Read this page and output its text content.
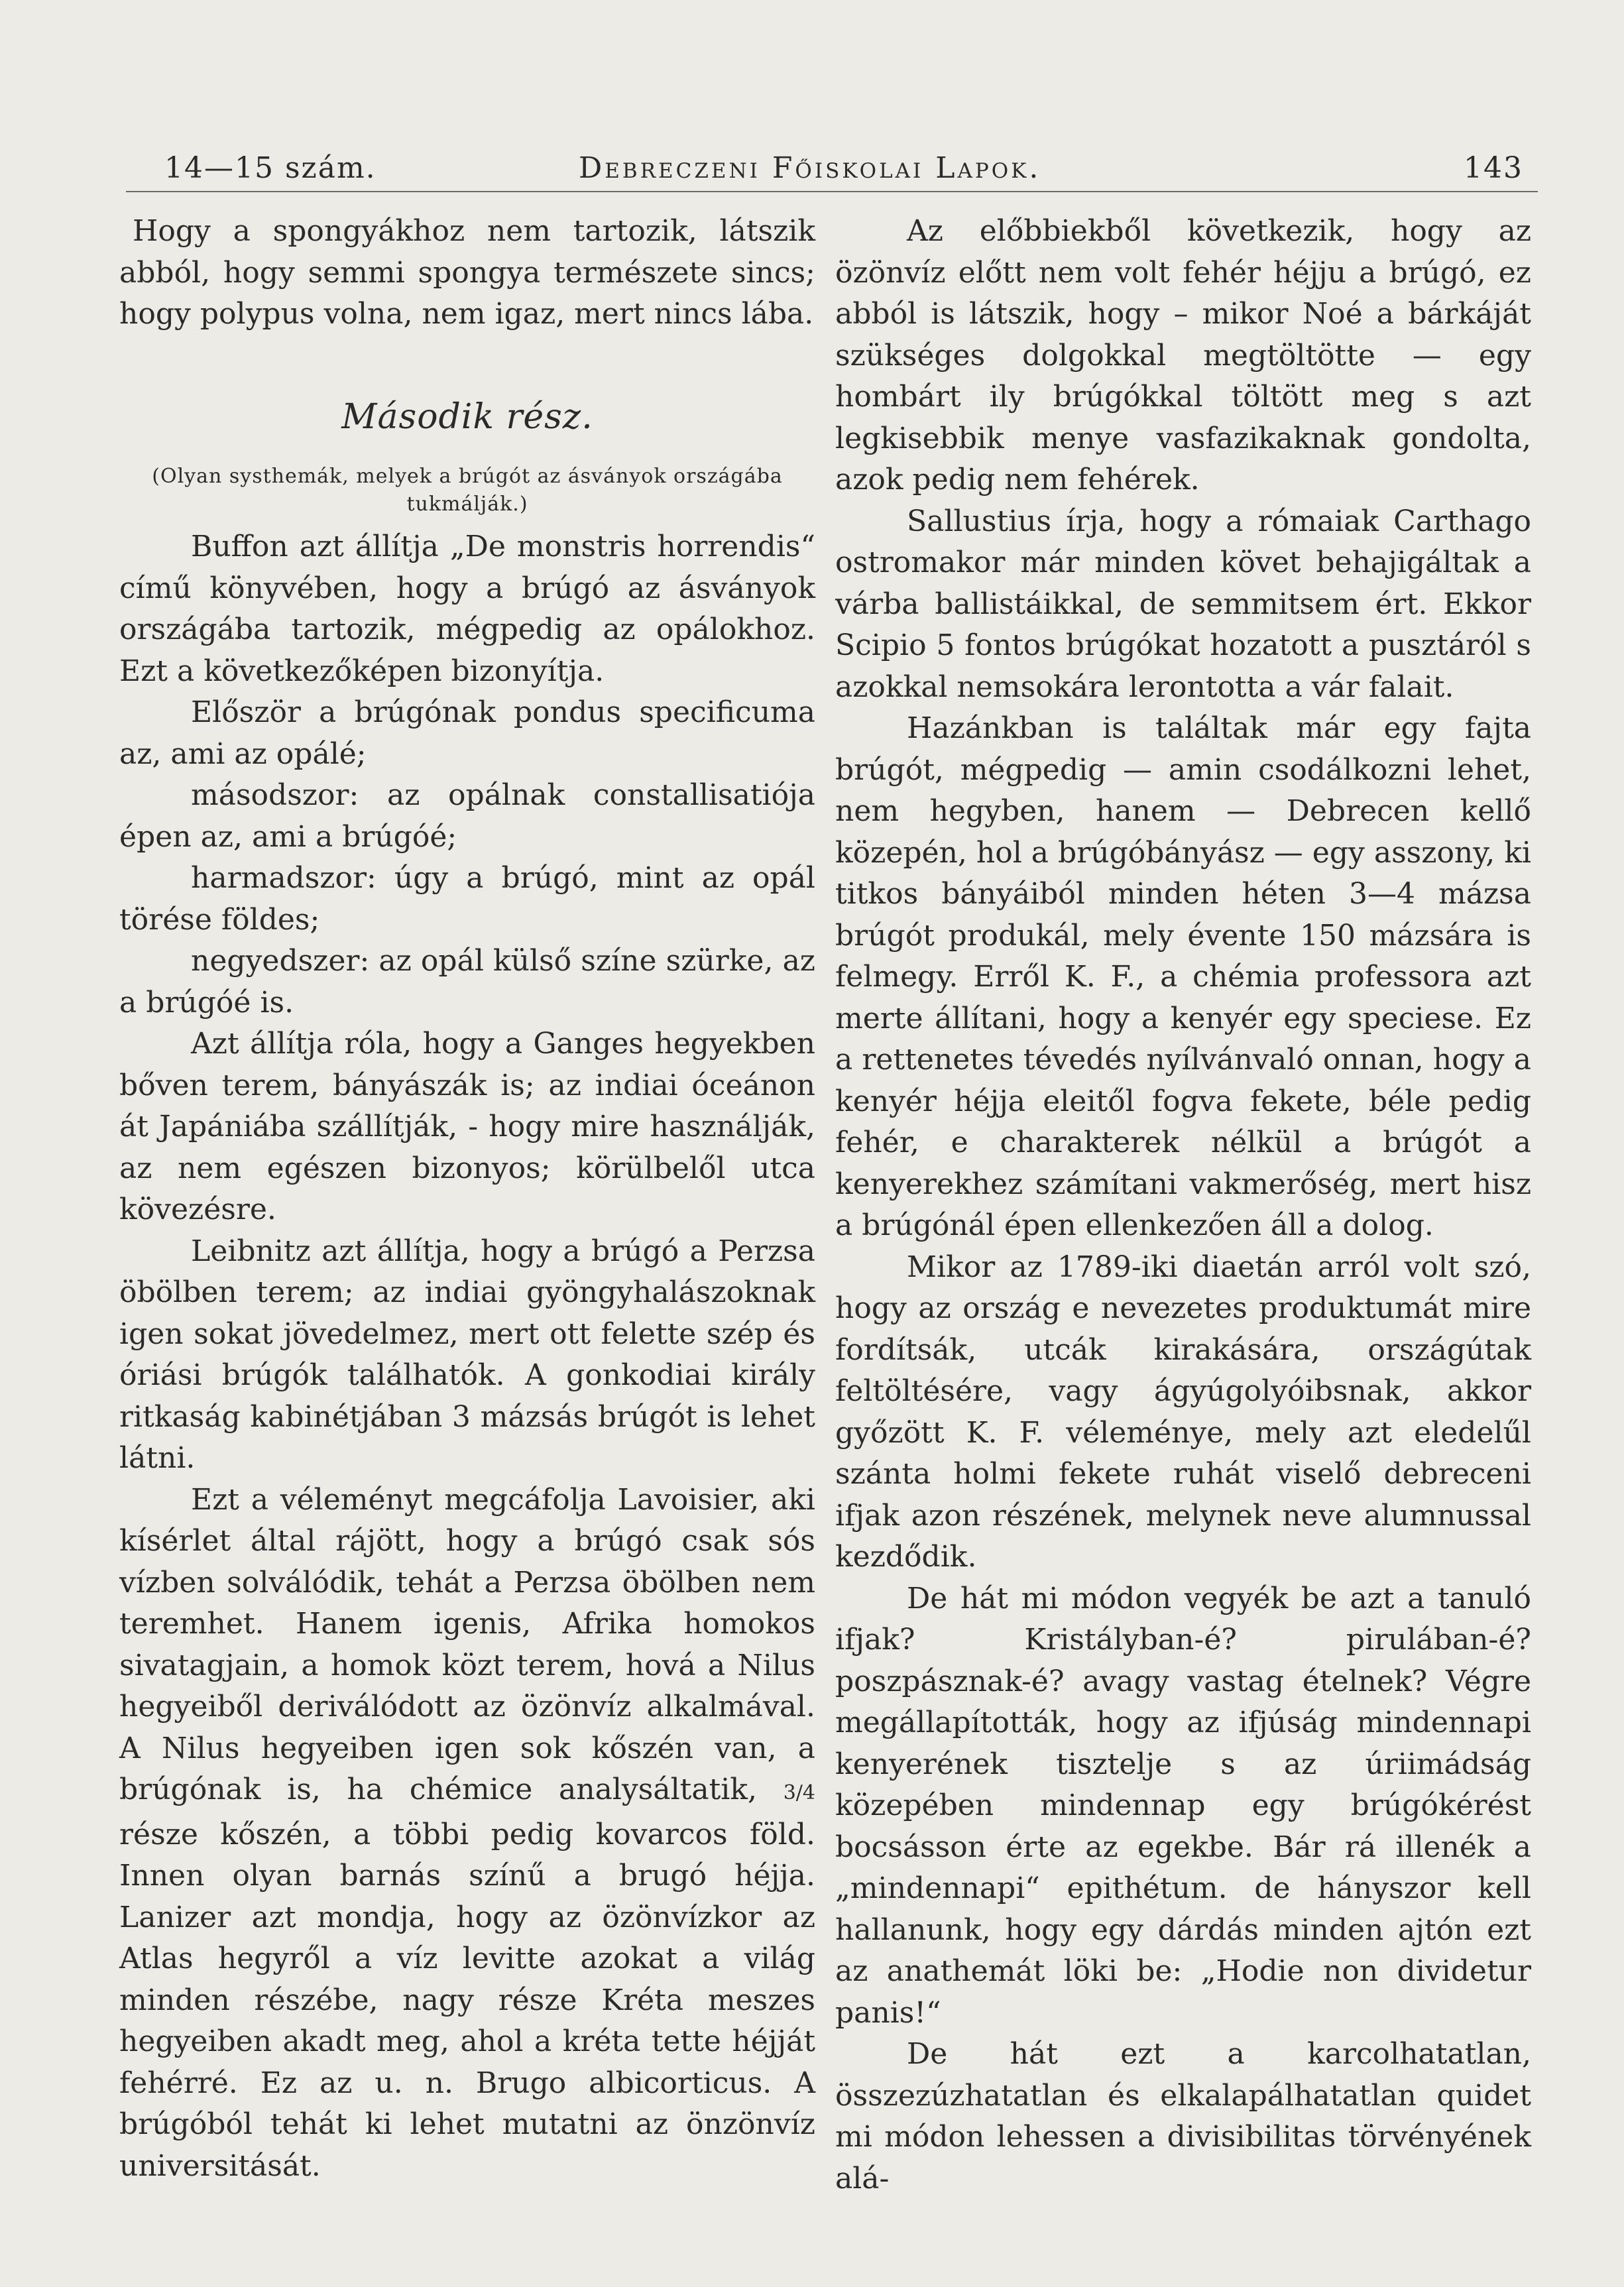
14—15 szám.	Debreczeni Főiskolai Lapok.	143

Hogy a spongyákhoz nem tartozik, látszik abból, hogy semmi spongya természete sincs; hogy polypus volna, nem igaz, mert nincs lába.

Második rész.
(Olyan systhemák, melyek a brúgót az ásványok országába tukmálják.)

Buffon azt állítja „De monstris horrendis“ című könyvében, hogy a brúgó az ásványok országába tartozik, mégpedig az opálokhoz. Ezt a következőképen bizonyítja.

Először a brúgónak pondus specificuma az, ami az opálé;

másodszor: az opálnak constallisatiója épen az, ami a brúgóé;

harmadszor: úgy a brúgó, mint az opál törése földes;

negyedszer: az opál külső színe szürke, az a brúgóé is.

Azt állítja róla, hogy a Ganges hegyekben bőven terem, bányászák is; az indiai óceánon át Japániába szállítják, - hogy mire használják, az nem egészen bizonyos; körülbelől utca kövezésre.

Leibnitz azt állítja, hogy a brúgó a Perzsa öbölben terem; az indiai gyöngyhalászoknak igen sokat jövedelmez, mert ott felette szép és óriási brúgók találhatók. A gonkodiai király ritkaság kabinétjában 3 mázsás brúgót is lehet látni.

Ezt a véleményt megcáfolja Lavoisier, aki kísérlet által rájött, hogy a brúgó csak sós vízben solválódik, tehát a Perzsa öbölben nem teremhet. Hanem igenis, Afrika homokos sivatagjain, a homok közt terem, hová a Nilus hegyeiből deriválódott az özönvíz alkalmával. A Nilus hegyeiben igen sok kőszén van, a brúgónak is, ha chémice analysáltatik, 3/4 része kőszén, a többi pedig kovarcos föld. Innen olyan barnás színű a brugó héjja. Lanizer azt mondja, hogy az özönvízkor az Atlas hegyről a víz levitte azokat a világ minden részébe, nagy része Kréta meszes hegyeiben akadt meg, ahol a kréta tette héjját fehérré. Ez az u. n. Brugo albicorticus. A brúgóból tehát ki lehet mutatni az önzönvíz universitását.

Az előbbiekből következik, hogy az özönvíz előtt nem volt fehér héjju a brúgó, ez abból is látszik, hogy – mikor Noé a bárkáját szükséges dolgokkal megtöltötte — egy hombárt ily brúgókkal töltött meg s azt legkisebbik menye vasfazikaknak gondolta, azok pedig nem fehérek.

Sallustius írja, hogy a rómaiak Carthago ostromakor már minden követ behajigáltak a várba ballistáikkal, de semmitsem ért. Ekkor Scipio 5 fontos brúgókat hozatott a pusztáról s azokkal nemsokára lerontotta a vár falait.

Hazánkban is találtak már egy fajta brúgót, mégpedig — amin csodálkozni lehet, nem hegyben, hanem — Debrecen kellő közepén, hol a brúgóbányász — egy asszony, ki titkos bányáiból minden héten 3—4 mázsa brúgót produkál, mely évente 150 mázsára is felmegy. Erről K. F., a chémia professora azt merte állítani, hogy a kenyér egy speciese. Ez a rettenetes tévedés nyílvánvaló onnan, hogy a kenyér héjja eleitől fogva fekete, béle pedig fehér, e charakterek nélkül a brúgót a kenyerekhez számítani vakmerőség, mert hisz a brúgónál épen ellenkezően áll a dolog.

Mikor az 1789-iki diaetán arról volt szó, hogy az ország e nevezetes produktumát mire fordítsák, utcák kirakására, országútak feltöltésére, vagy ágyúgolyóibsnak, akkor győzött K. F. véleménye, mely azt eledelűl szánta holmi fekete ruhát viselő debreceni ifjak azon részének, melynek neve alumnussal kezdődik.

De hát mi módon vegyék be azt a tanuló ifjak? Kristályban-é? pirulában-é? poszpásznak-é? avagy vastag ételnek? Végre megállapították, hogy az ifjúság mindennapi kenyerének tisztelje s az úriimádság közepében mindennap egy brúgókérést bocsásson érte az egekbe. Bár rá illenék a „mindennapi“ epithétum. de hányszor kell hallanunk, hogy egy dárdás minden ajtón ezt az anathemát löki be: „Hodie non dividetur panis!“

De hát ezt a karcolhatatlan, összezúzhatatlan és elkalapálhatatlan quidet mi módon lehessen a divisibilitas törvényének alá-
